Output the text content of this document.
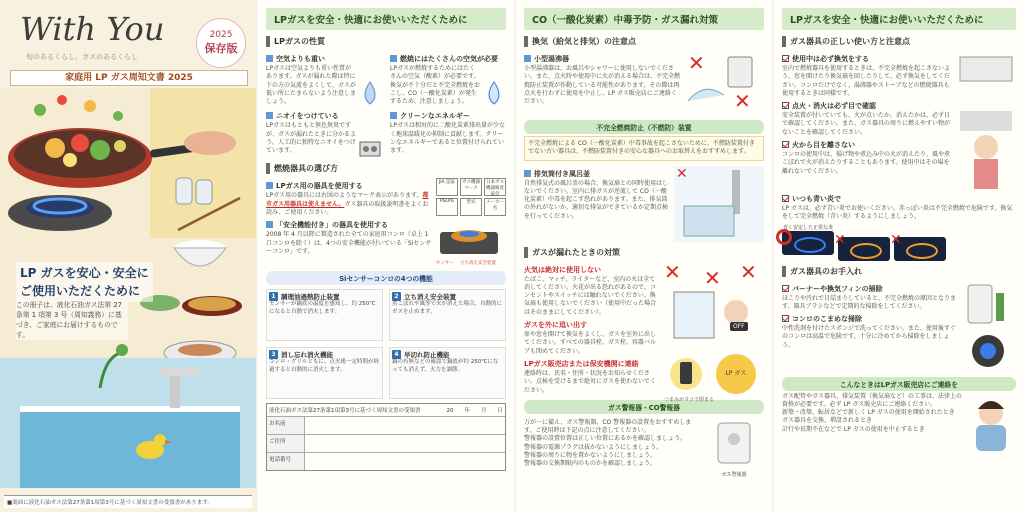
With You
旬のあるくらし、ガスのあるくらし
2025
保存版
家庭用 LP ガス周知文書 2025
LP ガスを安心・安全に
ご使用いただくために
この冊子は、液化石油ガス法第 27 条第 1 項第 3 号（周知義務）に基づき、ご家庭にお届けするものです。
■裏面に液化石油ガス法第27条第1項第3号に基づく周知文書の受領書があります。
LPガスを安全・快適にお使いいただくために
LPガスの性質
空気よりも重い
LPガスは空気よりも重い性質があります。ガスが漏れた際は特に下の方の気流をよくして、ガスが低い所にたまらないよう注意しましょう。
燃焼にはたくさんの空気が必要
LPガスが燃焼するためにはたくさんの空気（酸素）が必要です。換気が不十分だと不完全燃焼をおこし、CO（一酸化炭素）が発生するため、注意しましょう。
ニオイをつけている
LPガスはもともと無色無臭ですが、ガスが漏れたときに分かるよう、人工的に独特なニオイをつけています。
クリーンなエネルギー
LPガスは相対的に二酸化炭素排出量が少なく地球温暖化の抑制に貢献します。クリーンなエネルギーであると位置付けられています。
燃焼器具の選び方
LPガス用の器具を使用する
LPガス用の器具には右図のようなマーク表示があります。都市ガス用器具は使えません。ガス器具の取扱説明書をよくお読み、ご使用ください。
「安全機能付き」の器具を使用する
2008 年 4 月以降に製造された全ての家庭用コンロ（卓上 1 口コンロを除く）は、4つの安全機能が付いている「Siセンサーコンロ」です。
JIA 認証	ガス機器マーク
日本ガス機器検査協会
PSLPG	型式	メーカー名
センサー	立ち消え安全装置
Siセンサーコンロの4つの機能
1 調理油過熱防止装置
センサーが鍋底の温度を感知し、約 250℃になると自動で消火します。
2 立ち消え安全装置
煮こぼれや風等で火が消えた場合、自動的にガスを止めます。
3 消し忘れ消火機能
コンロ・グリルともに、点火後一定時間が経過すると自動的に消火します。
4 早切れ防止機能
鍋の有無などの確認で鍋底が約 250℃になっても消えず、火力を調節。
液化石油ガス法第27条第1項第3号に基づく周知文書の受領書	20　　年　　月　　日
お名前
ご住所
電話番号
CO（一酸化炭素）中毒予防・ガス漏れ対策
換気（給気と排気）の注意点
小型湯沸器
小型湯沸器は、お風呂やシャワーに使用しないでください。また、点火時や使用中に火が消える場合は、不完全燃焼防止装置が作動している可能性があります。その際は再点火を行わずに使用を中止し、LP ガス販売店にご連絡ください。
✕
✕
不完全燃焼防止（不燃防）装置
不完全燃焼による CO（一酸化炭素）中毒事故を起こさないために、不燃防装置付きでない古い器具は、不燃防装置付きの安心な器具へのお取替えをおすすめします。
排気筒付き風呂釜
自然排気式の風呂釜の場合、換気扇との同時使用はしないでください。室内に排ガスが逆流して CO（一酸化炭素）中毒を起こす恐れがあります。また、排気筒の外れがないか、適切な排気ができているか定期点検を行ってください。
✕
ガスが漏れたときの対策
火気は絶対に使用しない
たばこ、マッチ、ライターなど、室内の火は全て消してください。火花が出る恐れがあるので、コンセントやスイッチには触れないでください。換気扇も使用しないでください（使用中だった場合はそのままにしてください）。
ガスを外に追い出す
扉や窓を開けて換気をよくし、ガスを室外に出してください。すべての器具栓、ガス栓、容器バルブも閉めてください。
LPガス販売店または保安機関に連絡
連絡時は、氏名・住所・状況をお知らせください。点検を受けるまで絶対にガスを使わないでください。
✕ ✕ ✕
OFF
LP ガス
つまみがヨコで閉まる
ガス警報器・CO警報器
万が一に備え、ガス警報器、CO 警報器の設置をおすすめします。ご使用時は下記の点に注意してください。
警報器の設置位置は正しい位置にあるかを確認しましょう。
警報器の電源プラグは抜かないようにしましょう。
警報器の周りに物を置かないようにしましょう。
警報器の交換期限内のものかを確認しましょう。
ガス警報器
LPガスを安全・快適にお使いいただくために
ガス器具の正しい使い方と注意点
使用中は必ず換気をする
室内で燃焼器具を使用するときは、不完全燃焼を起こさないよう、窓を開けたり換気扇を回したりして、必ず換気をしてください。コンロだけでなく、湯沸器やストーブなどの燃焼器具も使用するときは同様です。
点火・消火は必ず目で確認
安全装置が付いていても、火が点いたか、消えたかは、必ず目で確認してください。また、ガス器具の周りに燃えやすい物がないことを確認してください。
火から目を離さない
コンロの使用中は、揚げ物や煮込み中の火が消えたり、風や煮こぼれで火が消えたりすることもあります。使用中はその場を離れないでください。
いつも青い炎で
LP ガスは、必ず青い炎でお使いください。赤っぽい炎は不完全燃焼で危険です。換気をして完全燃焼（青い炎）するようにしましょう。
青く安定した正常な炎
✕	✕
ガス器具のお手入れ
バーナーや換気フィンの掃除
ほこりや汚れで目詰まりしていると、不完全燃焼の原因となります。器具ブラシなどで定期的な掃除をしてください。
コンロのこまめな掃除
中性洗剤を付けたスポンジで洗ってください。また、使用後すぐのコンロは高温で危険です。十分に冷めてから掃除をしましょう。
こんなときはLPガス販売店にご連絡を
ガス配管やガス器具、排気装置（換気扇など）の工事は、法律上の資格が必要です。必ず LP ガス販売店にご連絡ください。
新築・改築、転居などで新しく LP ガスの使用を開始されたとき
ガス器具を交換、増設されるとき
計行や長期不在などで LP ガスの使用を中止するとき
